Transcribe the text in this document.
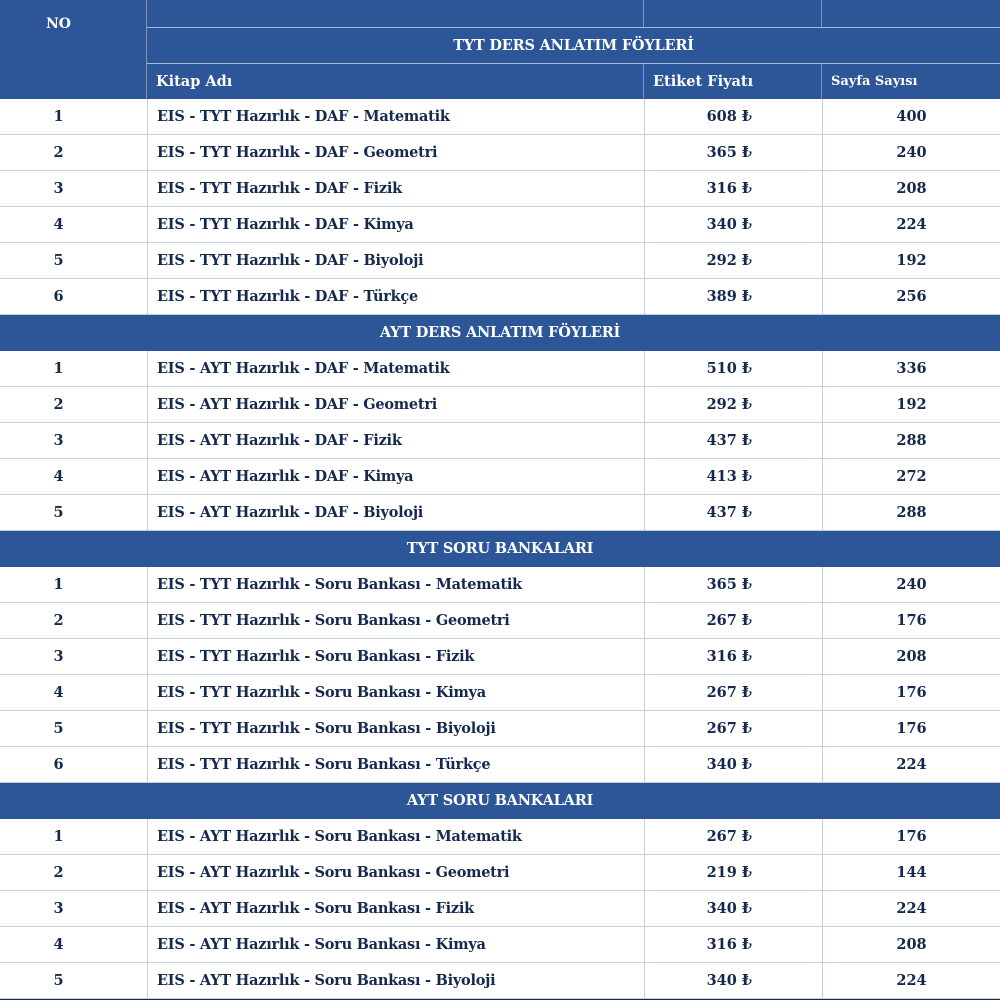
NO
TYT DERS ANLATIM FÖYLERİ
Kitap Adı	Etiket Fiyatı	Sayfa Sayısı
1	EIS - TYT Hazırlık - DAF - Matematik	608 ₺	400
2	EIS - TYT Hazırlık - DAF - Geometri	365 ₺	240
3	EIS - TYT Hazırlık - DAF - Fizik	316 ₺	208
4	EIS - TYT Hazırlık - DAF - Kimya	340 ₺	224
5	EIS - TYT Hazırlık - DAF - Biyoloji	292 ₺	192
6	EIS - TYT Hazırlık - DAF - Türkçe	389 ₺	256
AYT DERS ANLATIM FÖYLERİ
1	EIS - AYT Hazırlık - DAF - Matematik	510 ₺	336
2	EIS - AYT Hazırlık - DAF - Geometri	292 ₺	192
3	EIS - AYT Hazırlık - DAF - Fizik	437 ₺	288
4	EIS - AYT Hazırlık - DAF - Kimya	413 ₺	272
5	EIS - AYT Hazırlık - DAF - Biyoloji	437 ₺	288
TYT SORU BANKALARI
1	EIS - TYT Hazırlık - Soru Bankası - Matematik	365 ₺	240
2	EIS - TYT Hazırlık - Soru Bankası - Geometri	267 ₺	176
3	EIS - TYT Hazırlık - Soru Bankası - Fizik	316 ₺	208
4	EIS - TYT Hazırlık - Soru Bankası - Kimya	267 ₺	176
5	EIS - TYT Hazırlık - Soru Bankası - Biyoloji	267 ₺	176
6	EIS - TYT Hazırlık - Soru Bankası - Türkçe	340 ₺	224
AYT SORU BANKALARI
1	EIS - AYT Hazırlık - Soru Bankası - Matematik	267 ₺	176
2	EIS - AYT Hazırlık - Soru Bankası - Geometri	219 ₺	144
3	EIS - AYT Hazırlık - Soru Bankası - Fizik	340 ₺	224
4	EIS - AYT Hazırlık - Soru Bankası - Kimya	316 ₺	208
5	EIS - AYT Hazırlık - Soru Bankası - Biyoloji	340 ₺	224
